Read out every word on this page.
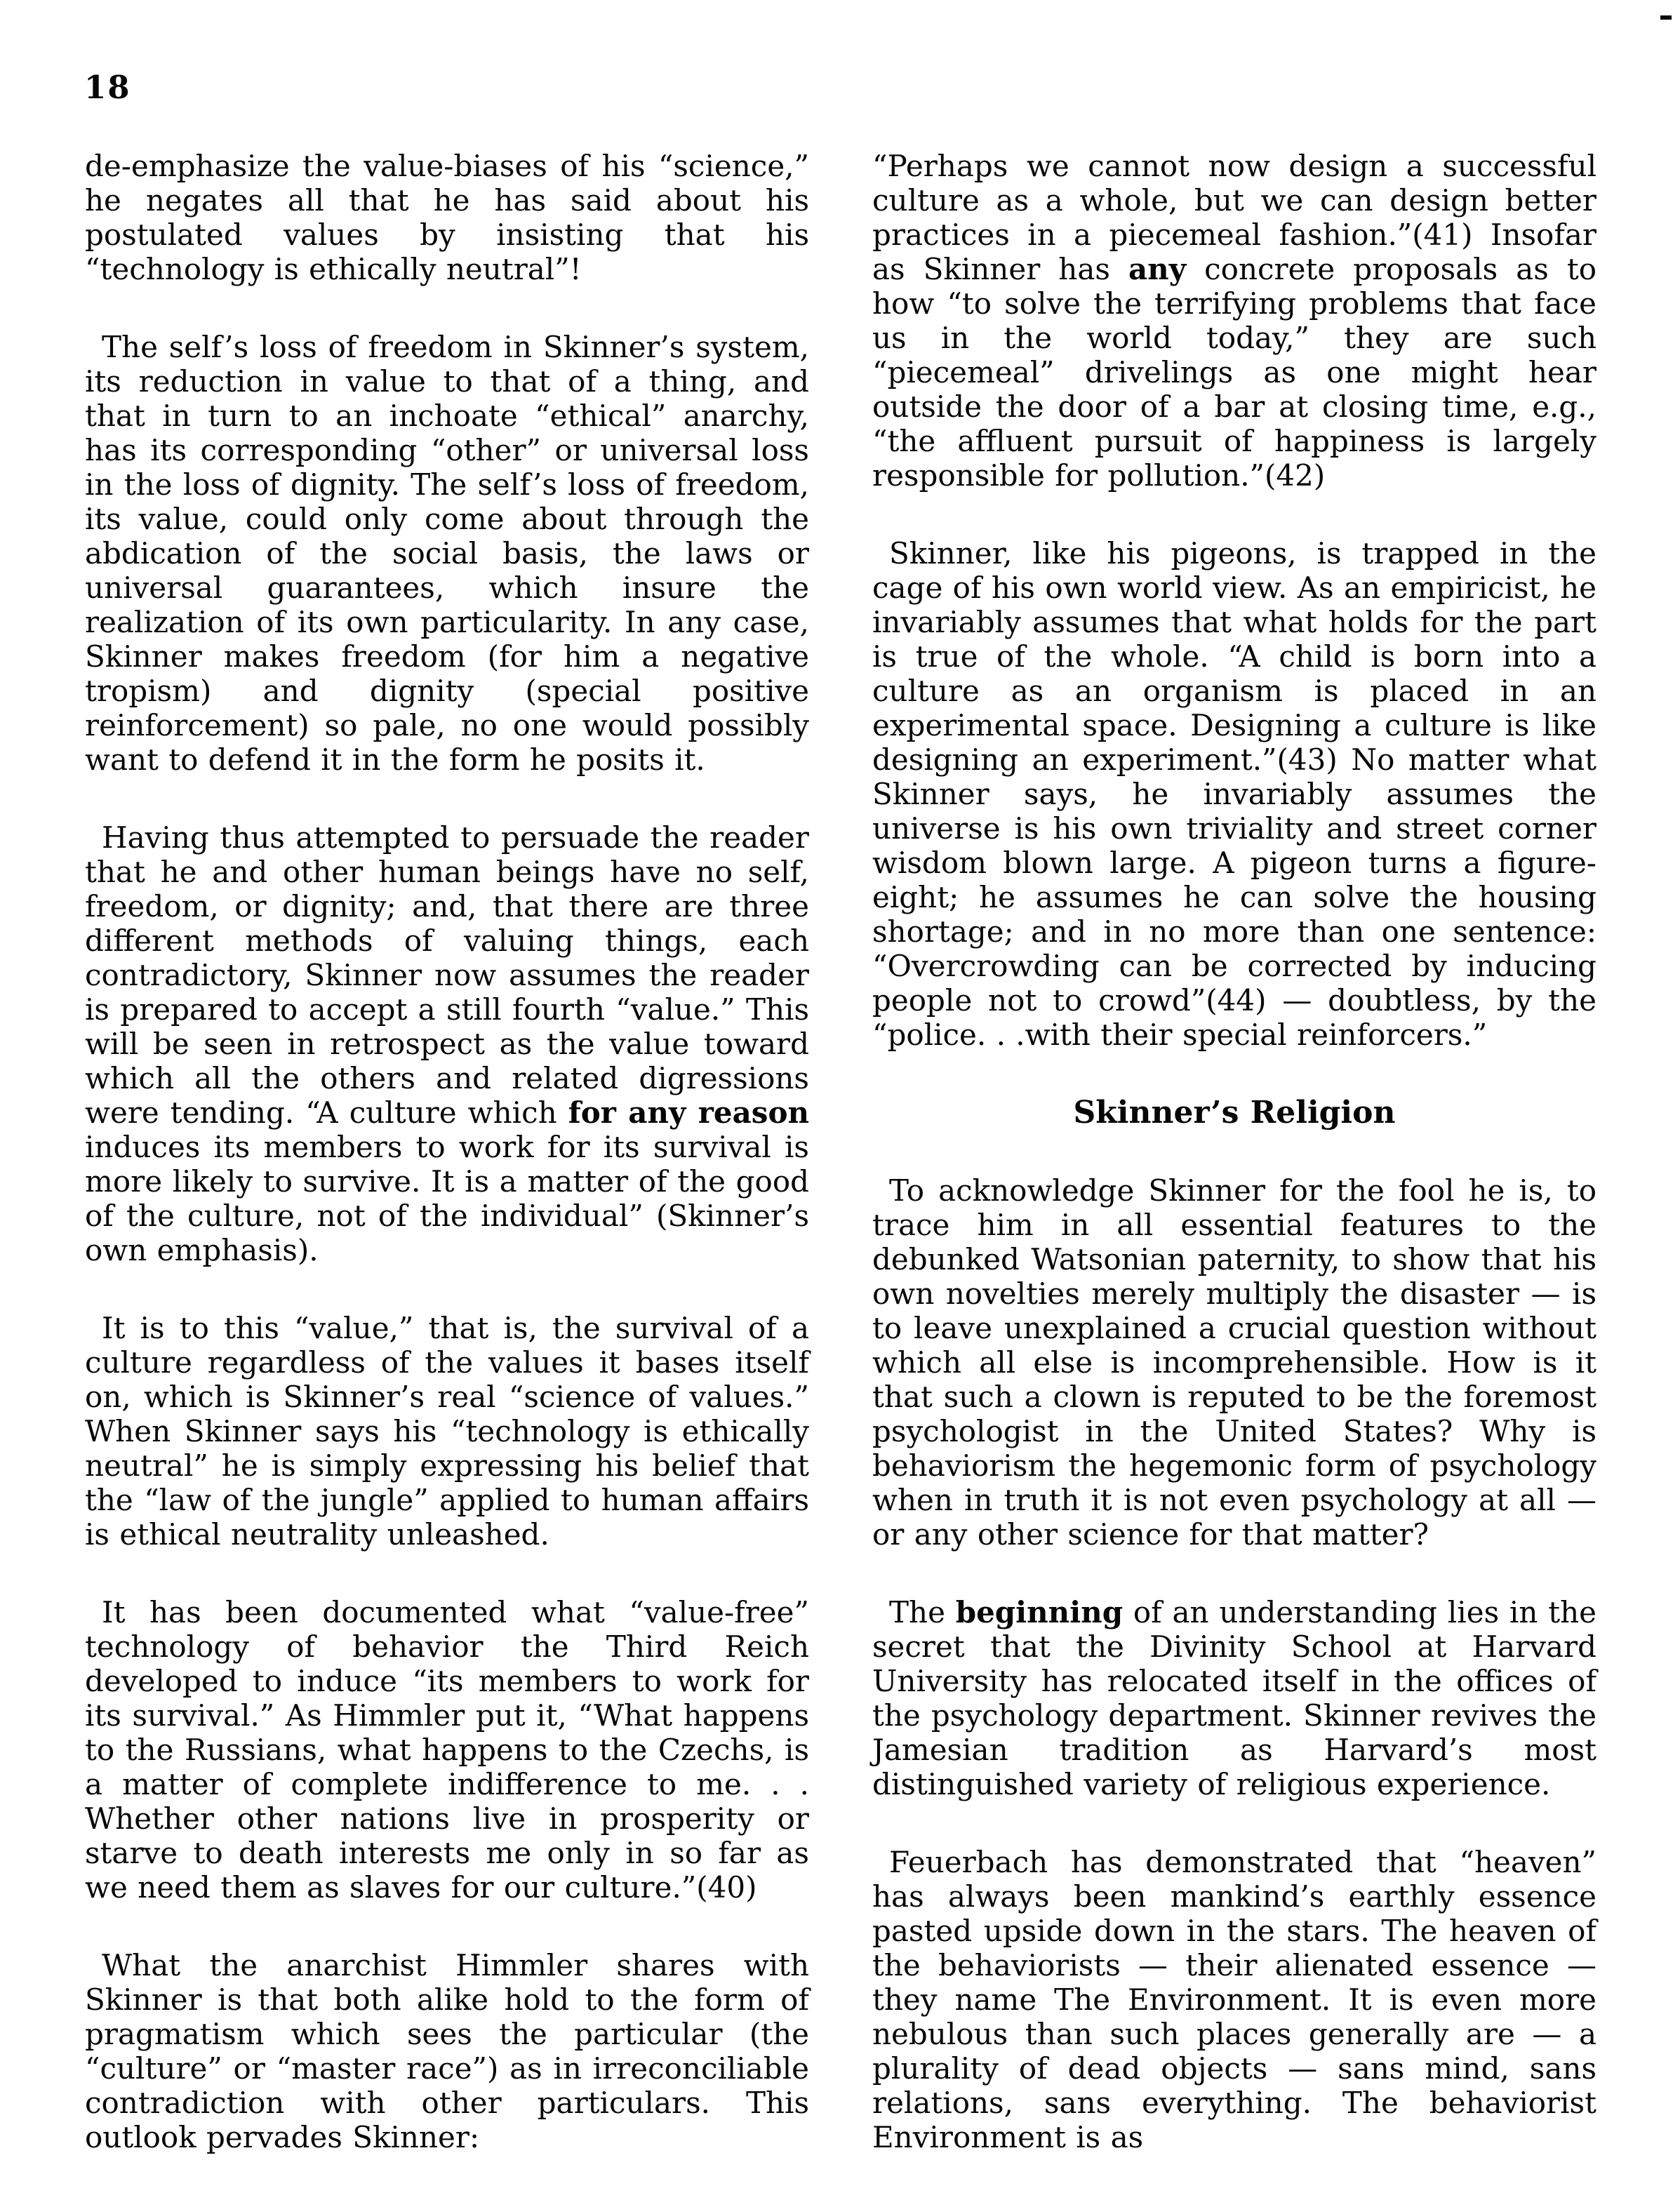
18

de-emphasize the value-biases of his “science,” he negates all that he has said about his postulated values by insisting that his “technology is ethically neutral”!

The self’s loss of freedom in Skinner’s system, its reduction in value to that of a thing, and that in turn to an inchoate “ethical” anarchy, has its corresponding “other” or universal loss in the loss of dignity. The self’s loss of freedom, its value, could only come about through the abdication of the social basis, the laws or universal guarantees, which insure the realization of its own particularity. In any case, Skinner makes freedom (for him a negative tropism) and dignity (special positive reinforcement) so pale, no one would possibly want to defend it in the form he posits it.

Having thus attempted to persuade the reader that he and other human beings have no self, freedom, or dignity; and, that there are three different methods of valuing things, each contradictory, Skinner now assumes the reader is prepared to accept a still fourth “value.” This will be seen in retrospect as the value toward which all the others and related digressions were tending. “A culture which for any reason induces its members to work for its survival is more likely to survive. It is a matter of the good of the culture, not of the individual” (Skinner’s own emphasis).

It is to this “value,” that is, the survival of a culture regardless of the values it bases itself on, which is Skinner’s real “science of values.” When Skinner says his “technology is ethically neutral” he is simply expressing his belief that the “law of the jungle” applied to human affairs is ethical neutrality unleashed.

It has been documented what “value-free” technology of behavior the Third Reich developed to induce “its members to work for its survival.” As Himmler put it, “What happens to the Russians, what happens to the Czechs, is a matter of complete indifference to me. . . Whether other nations live in prosperity or starve to death interests me only in so far as we need them as slaves for our culture.”(40)

What the anarchist Himmler shares with Skinner is that both alike hold to the form of pragmatism which sees the particular (the “culture” or “master race”) as in irreconciliable contradiction with other particulars. This outlook pervades Skinner:

“Perhaps we cannot now design a successful culture as a whole, but we can design better practices in a piecemeal fashion.”(41) Insofar as Skinner has any concrete proposals as to how “to solve the terrifying problems that face us in the world today,” they are such “piecemeal” drivelings as one might hear outside the door of a bar at closing time, e.g., “the affluent pursuit of happiness is largely responsible for pollution.”(42)

Skinner, like his pigeons, is trapped in the cage of his own world view. As an empiricist, he invariably assumes that what holds for the part is true of the whole. “A child is born into a culture as an organism is placed in an experimental space. Designing a culture is like designing an experiment.”(43) No matter what Skinner says, he invariably assumes the universe is his own triviality and street corner wisdom blown large. A pigeon turns a figure-eight; he assumes he can solve the housing shortage; and in no more than one sentence: “Overcrowding can be corrected by inducing people not to crowd”(44) — doubtless, by the “police. . .with their special reinforcers.”

Skinner’s Religion

To acknowledge Skinner for the fool he is, to trace him in all essential features to the debunked Watsonian paternity, to show that his own novelties merely multiply the disaster — is to leave unexplained a crucial question without which all else is incomprehensible. How is it that such a clown is reputed to be the foremost psychologist in the United States? Why is behaviorism the hegemonic form of psychology when in truth it is not even psychology at all — or any other science for that matter?

The beginning of an understanding lies in the secret that the Divinity School at Harvard University has relocated itself in the offices of the psychology department. Skinner revives the Jamesian tradition as Harvard’s most distinguished variety of religious experience.

Feuerbach has demonstrated that “heaven” has always been mankind’s earthly essence pasted upside down in the stars. The heaven of the behaviorists — their alienated essence — they name The Environment. It is even more nebulous than such places generally are — a plurality of dead objects — sans mind, sans relations, sans everything. The behaviorist Environment is as
